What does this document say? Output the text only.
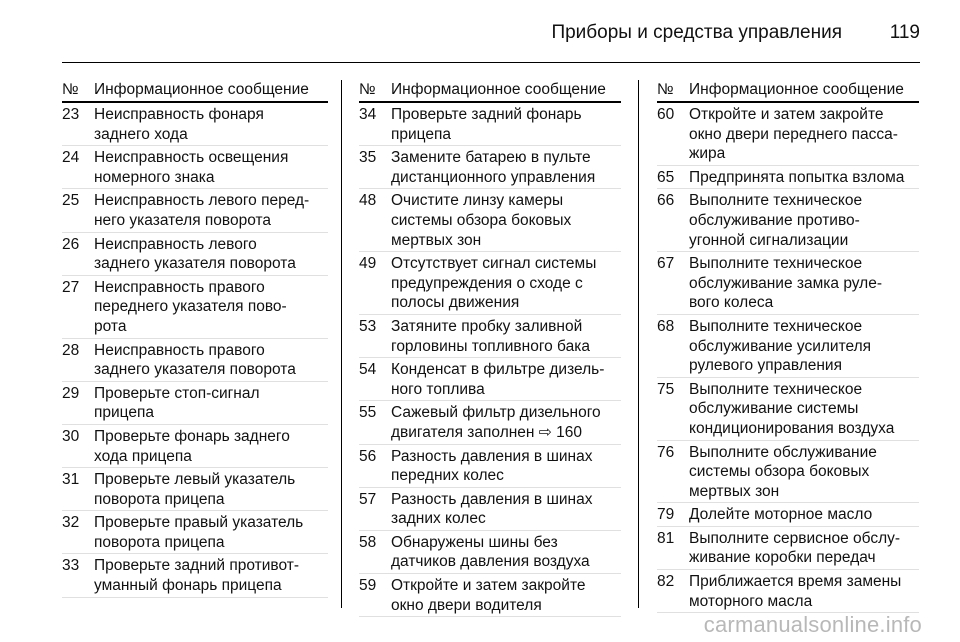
Приборы и средства управления	119
№ Информационное сообщение
23 Неисправность фонаря
заднего хода
24 Неисправность освещения
номерного знака
25 Неисправность левого перед-
него указателя поворота
26 Неисправность левого
заднего указателя поворота
27 Неисправность правого
переднего указателя пово-
рота
28 Неисправность правого
заднего указателя поворота
29 Проверьте стоп-сигнал
прицепа
30 Проверьте фонарь заднего
хода прицепа
31 Проверьте левый указатель
поворота прицепа
32 Проверьте правый указатель
поворота прицепа
33 Проверьте задний противот-
уманный фонарь прицепа
№ Информационное сообщение
34 Проверьте задний фонарь
прицепа
35 Замените батарею в пульте
дистанционного управления
48 Очистите линзу камеры
системы обзора боковых
мертвых зон
49 Отсутствует сигнал системы
предупреждения о сходе с
полосы движения
53 Затяните пробку заливной
горловины топливного бака
54 Конденсат в фильтре дизель-
ного топлива
55 Сажевый фильтр дизельного
двигателя заполнен ⇨ 160
56 Разность давления в шинах
передних колес
57 Разность давления в шинах
задних колес
58 Обнаружены шины без
датчиков давления воздуха
59 Откройте и затем закройте
окно двери водителя
№ Информационное сообщение
60 Откройте и затем закройте
окно двери переднего пасса-
жира
65 Предпринята попытка взлома
66 Выполните техническое
обслуживание противо-
угонной сигнализации
67 Выполните техническое
обслуживание замка руле-
вого колеса
68 Выполните техническое
обслуживание усилителя
рулевого управления
75 Выполните техническое
обслуживание системы
кондиционирования воздуха
76 Выполните обслуживание
системы обзора боковых
мертвых зон
79 Долейте моторное масло
81 Выполните сервисное обслу-
живание коробки передач
82 Приближается время замены
моторного масла
carmanualsonline.info
